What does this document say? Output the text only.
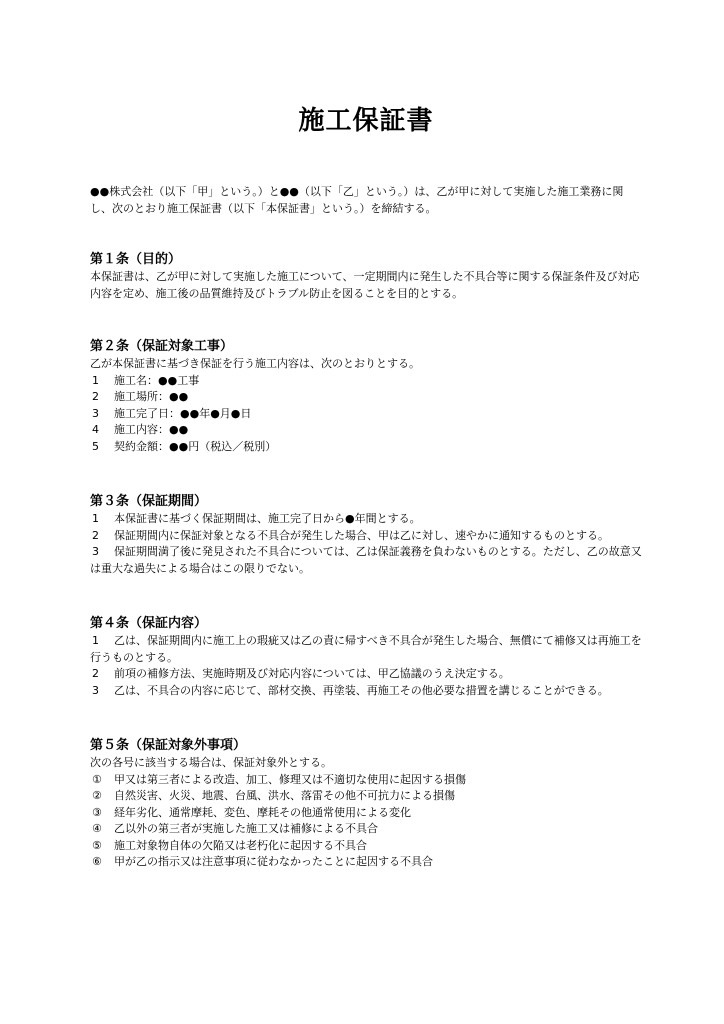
施工保証書

●●株式会社（以下「甲」という。）と●●（以下「乙」という。）は、乙が甲に対して実施した施工業務に関し、次のとおり施工保証書（以下「本保証書」という。）を締結する。

第１条（目的）

本保証書は、乙が甲に対して実施した施工について、一定期間内に発生した不具合等に関する保証条件及び対応内容を定め、施工後の品質維持及びトラブル防止を図ることを目的とする。

第２条（保証対象工事）

乙が本保証書に基づき保証を行う施工内容は、次のとおりとする。

1	施工名：●●工事
2	施工場所：●●
3	施工完了日：●●年●月●日
4	施工内容：●●
5	契約金額：●●円（税込／税別）
第３条（保証期間）

1 本保証書に基づく保証期間は、施工完了日から●年間とする。

2 保証期間内に保証対象となる不具合が発生した場合、甲は乙に対し、速やかに通知するものとする。

3 保証期間満了後に発見された不具合については、乙は保証義務を負わないものとする。ただし、乙の故意又は重大な過失による場合はこの限りでない。

第４条（保証内容）

1 乙は、保証期間内に施工上の瑕疵又は乙の責に帰すべき不具合が発生した場合、無償にて補修又は再施工を行うものとする。

2 前項の補修方法、実施時期及び対応内容については、甲乙協議のうえ決定する。

3 乙は、不具合の内容に応じて、部材交換、再塗装、再施工その他必要な措置を講じることができる。

第５条（保証対象外事項）

次の各号に該当する場合は、保証対象外とする。

①	甲又は第三者による改造、加工、修理又は不適切な使用に起因する損傷
②	自然災害、火災、地震、台風、洪水、落雷その他不可抗力による損傷
③	経年劣化、通常摩耗、変色、摩耗その他通常使用による変化
④	乙以外の第三者が実施した施工又は補修による不具合
⑤	施工対象物自体の欠陥又は老朽化に起因する不具合
⑥	甲が乙の指示又は注意事項に従わなかったことに起因する不具合
